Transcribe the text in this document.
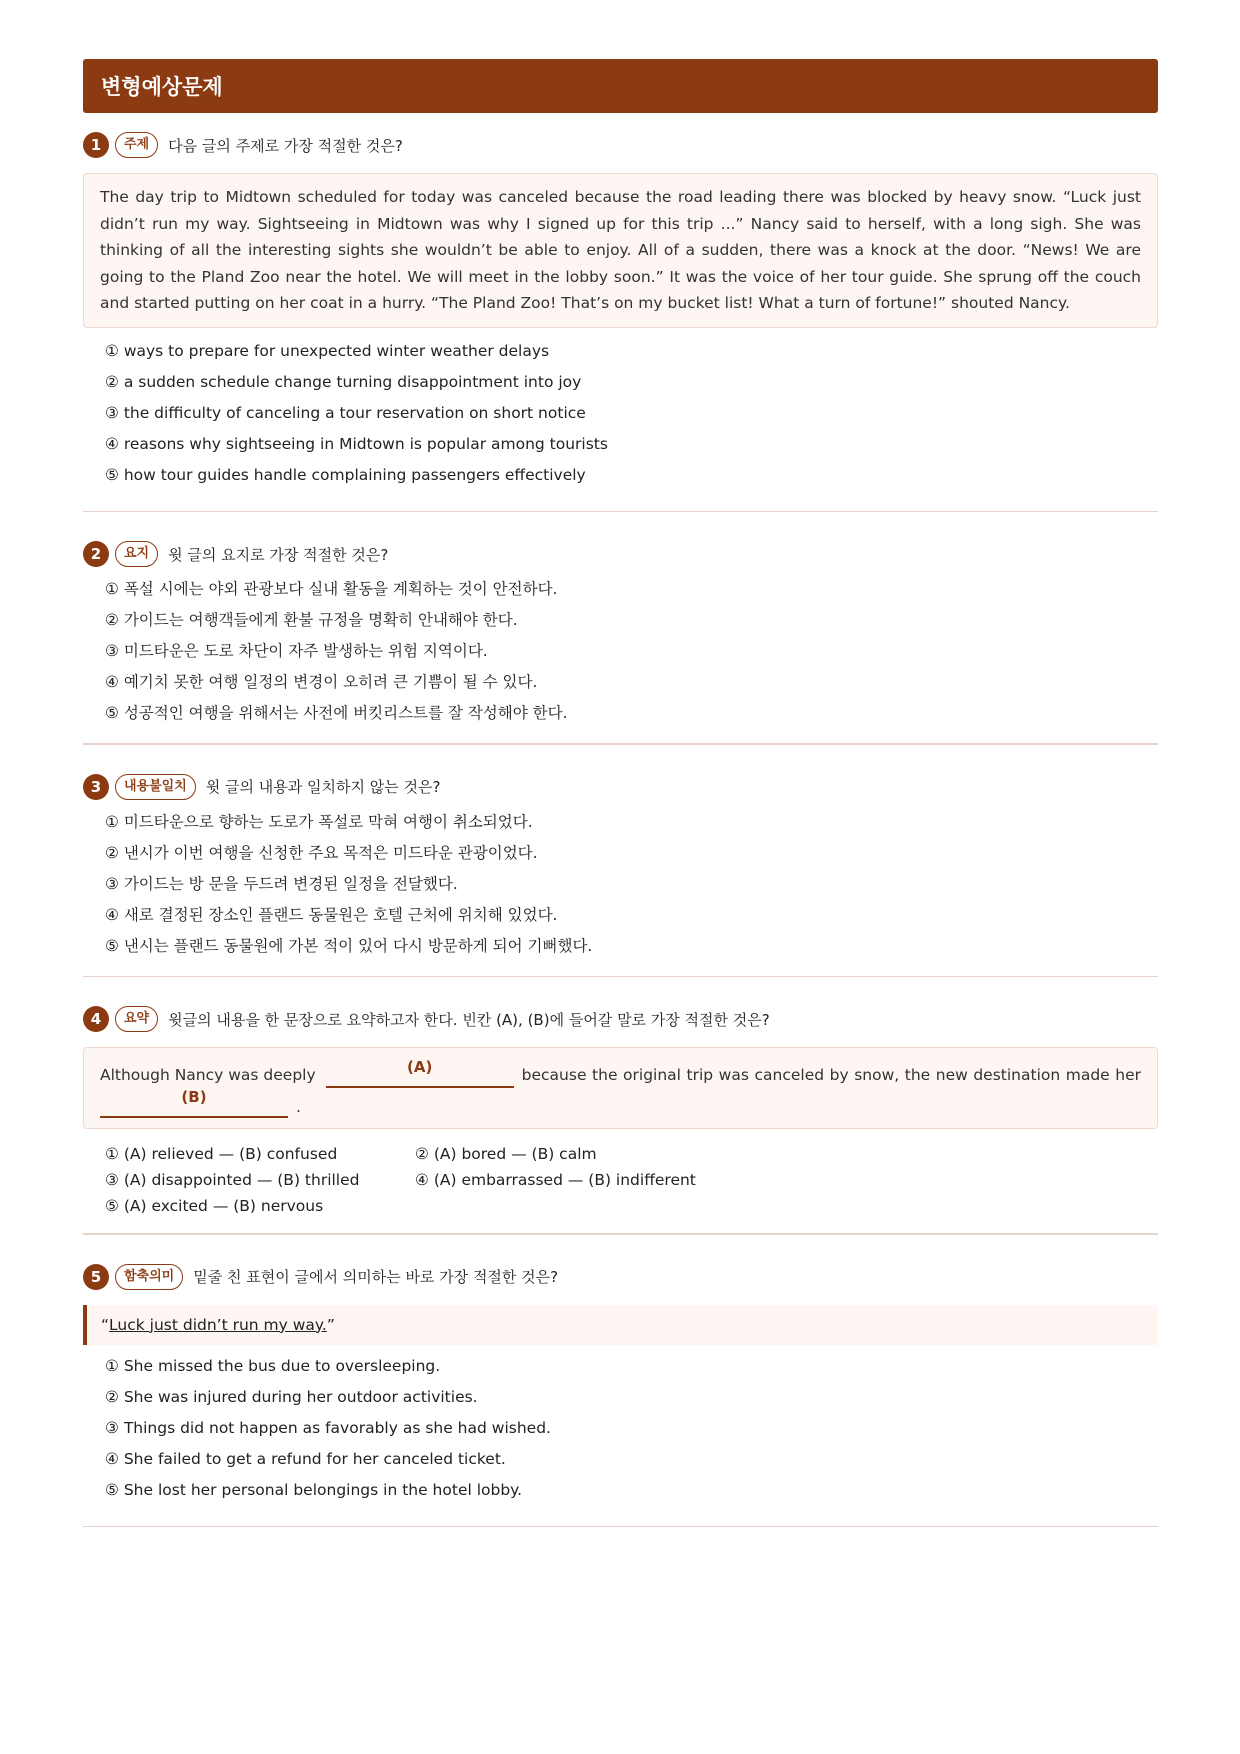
변형예상문제
1	주제	다음 글의 주제로 가장 적절한 것은?
The day trip to Midtown scheduled for today was canceled because the road leading there was blocked by heavy snow. “Luck just didn’t run my way. Sightseeing in Midtown was why I signed up for this trip ...” Nancy said to herself, with a long sigh. She was thinking of all the interesting sights she wouldn’t be able to enjoy. All of a sudden, there was a knock at the door. “News! We are going to the Pland Zoo near the hotel. We will meet in the lobby soon.” It was the voice of her tour guide. She sprung off the couch and started putting on her coat in a hurry. “The Pland Zoo! That’s on my bucket list! What a turn of fortune!” shouted Nancy.
① ways to prepare for unexpected winter weather delays
② a sudden schedule change turning disappointment into joy
③ the difficulty of canceling a tour reservation on short notice
④ reasons why sightseeing in Midtown is popular among tourists
⑤ how tour guides handle complaining passengers effectively
2	요지	윗 글의 요지로 가장 적절한 것은?
① 폭설 시에는 야외 관광보다 실내 활동을 계획하는 것이 안전하다.
② 가이드는 여행객들에게 환불 규정을 명확히 안내해야 한다.
③ 미드타운은 도로 차단이 자주 발생하는 위험 지역이다.
④ 예기치 못한 여행 일정의 변경이 오히려 큰 기쁨이 될 수 있다.
⑤ 성공적인 여행을 위해서는 사전에 버킷리스트를 잘 작성해야 한다.
3	내용불일치	윗 글의 내용과 일치하지 않는 것은?
① 미드타운으로 향하는 도로가 폭설로 막혀 여행이 취소되었다.
② 낸시가 이번 여행을 신청한 주요 목적은 미드타운 관광이었다.
③ 가이드는 방 문을 두드려 변경된 일정을 전달했다.
④ 새로 결정된 장소인 플랜드 동물원은 호텔 근처에 위치해 있었다.
⑤ 낸시는 플랜드 동물원에 가본 적이 있어 다시 방문하게 되어 기뻐했다.
4	요약	윗글의 내용을 한 문장으로 요약하고자 한다. 빈칸 (A), (B)에 들어갈 말로 가장 적절한 것은?
Although Nancy was deeply	(A)	because the original trip was canceled by snow, the new destination made her
(B)
.
① (A) relieved — (B) confused	② (A) bored — (B) calm
③ (A) disappointed — (B) thrilled	④ (A) embarrassed — (B) indifferent
⑤ (A) excited — (B) nervous
5	함축의미	밑줄 친 표현이 글에서 의미하는 바로 가장 적절한 것은?
“ Luck just didn’t run my way. ”
① She missed the bus due to oversleeping.
② She was injured during her outdoor activities.
③ Things did not happen as favorably as she had wished.
④ She failed to get a refund for her canceled ticket.
⑤ She lost her personal belongings in the hotel lobby.
